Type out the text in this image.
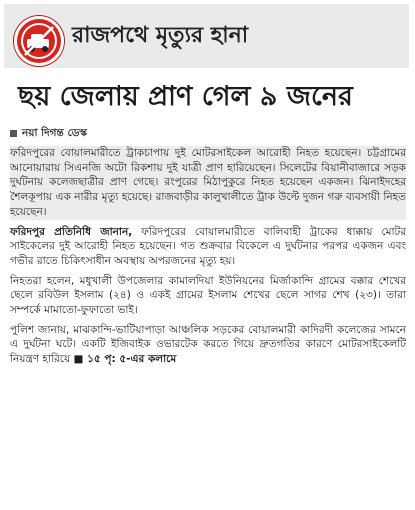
রাজপথে মৃত্যুর হানা
ছয় জেলায় প্রাণ গেল ৯ জনের
নয়া দিগন্ত ডেস্ক

ফরিদপুরের বোয়ালমারীতে ট্রাকচাপায় দুই মোটরসাইকেল আরোহী নিহত হয়েছেন। চট্টগ্রামের আনোয়ারায় সিএনজি অটো রিকশায় দুই যাত্রী প্রাণ হারিয়েছেন। সিলেটের বিয়ানীবাজারে সড়ক দুর্ঘটনায় কলেজছাত্রীর প্রাণ গেছে। রংপুরের মিঠাপুকুরে নিহত হয়েছেন একজন। ঝিনাইদহের শৈলকূপায় এক নারীর মৃত্যু হয়েছে। রাজবাড়ীর কালুখালীতে ট্রাক উল্টে দুজন গরু ব্যবসায়ী নিহত হয়েছেন।

ফরিদপুর প্রতিনিধি জানান, ফরিদপুরের বোয়ালমারীতে বালিবাহী ট্রাকের ধাক্কায় মোটর সাইকেলের দুই আরোহী নিহত হয়েছেন। গত শুক্রবার বিকেলে এ দুর্ঘটনার পরপর একজন এবং গভীর রাতে চিকিৎসাধীন অবস্থায় অপরজনের মৃত্যু হয়।

নিহতরা হলেন, মধুখালী উপজেলার কামালদিয়া ইউনিয়নের মির্জাকান্দি গ্রামের বক্কার শেখের ছেলে রবিউল ইসলাম (২৪) ও একই গ্রামের ইসলাম শেখের ছেলে সাগর শেখ (২৩)। তারা সম্পর্কে মামাতো-ফুফাতো ভাই।

পুলিশ জানায়, মাঝকান্দি-ভাটিয়াপাড়া আঞ্চলিক সড়কের বোয়ালমারী কাদিরদী কলেজের সামনে এ দুর্ঘটনা ঘটে। একটি ইজিবাইক ওভারটেক করতে গিয়ে দ্রুতগতির কারণে মোটরসাইকেলটি নিয়ন্ত্রণ হারিয়ে ■ ১৫ পৃ: ৫-এর কলামে
